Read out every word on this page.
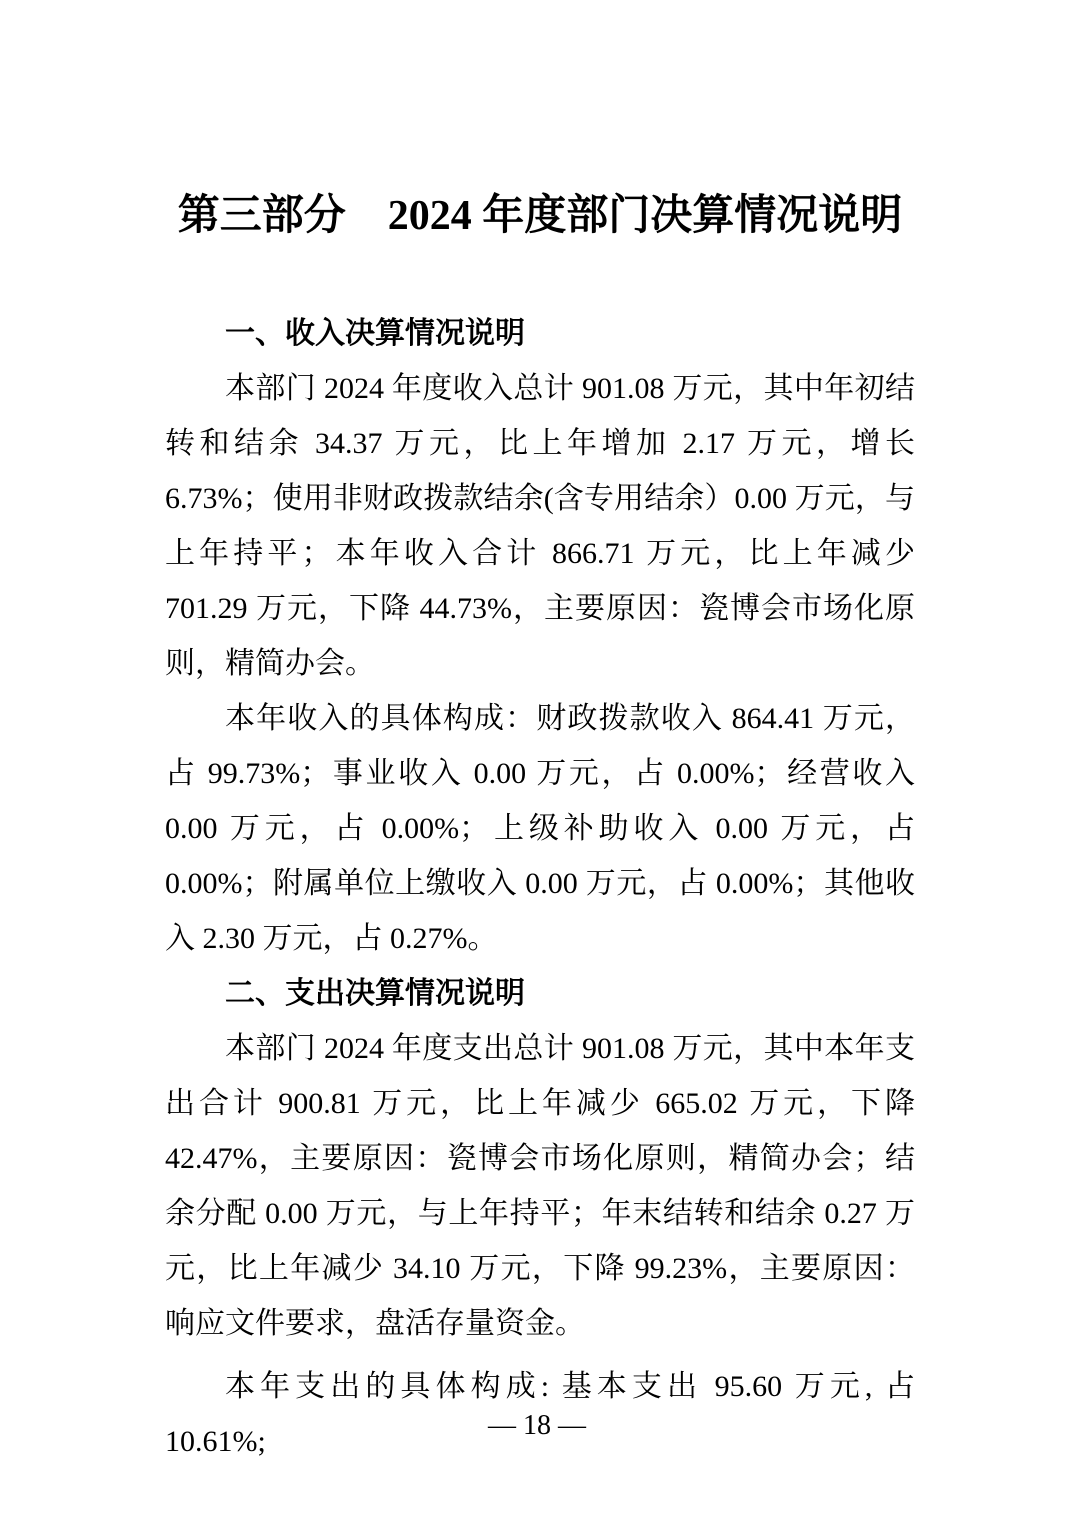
第三部分　2024 年度部门决算情况说明
一、收入决算情况说明

本部门 2024 年度收入总计 901.08 万元，其中年初结转和结余 34.37 万元，比上年增加 2.17 万元，增长 6.73%；使用非财政拨款结余(含专用结余）0.00 万元，与上年持平；本年收入合计 866.71 万元，比上年减少 701.29 万元，下降 44.73%，主要原因：瓷博会市场化原则，精简办会。

本年收入的具体构成：财政拨款收入 864.41 万元，占 99.73%；事业收入 0.00 万元，占 0.00%；经营收入 0.00 万元，占 0.00%；上级补助收入 0.00 万元，占 0.00%；附属单位上缴收入 0.00 万元，占 0.00%；其他收入 2.30 万元，占 0.27%。

二、支出决算情况说明

本部门 2024 年度支出总计 901.08 万元，其中本年支出合计 900.81 万元，比上年减少 665.02 万元，下降 42.47%，主要原因：瓷博会市场化原则，精简办会；结余分配 0.00 万元，与上年持平；年末结转和结余 0.27 万元，比上年减少 34.10 万元，下降 99.23%，主要原因：响应文件要求，盘活存量资金。

本年支出的具体构成: 基本支出 95.60 万元, 占 10.61%;	— 18 —
